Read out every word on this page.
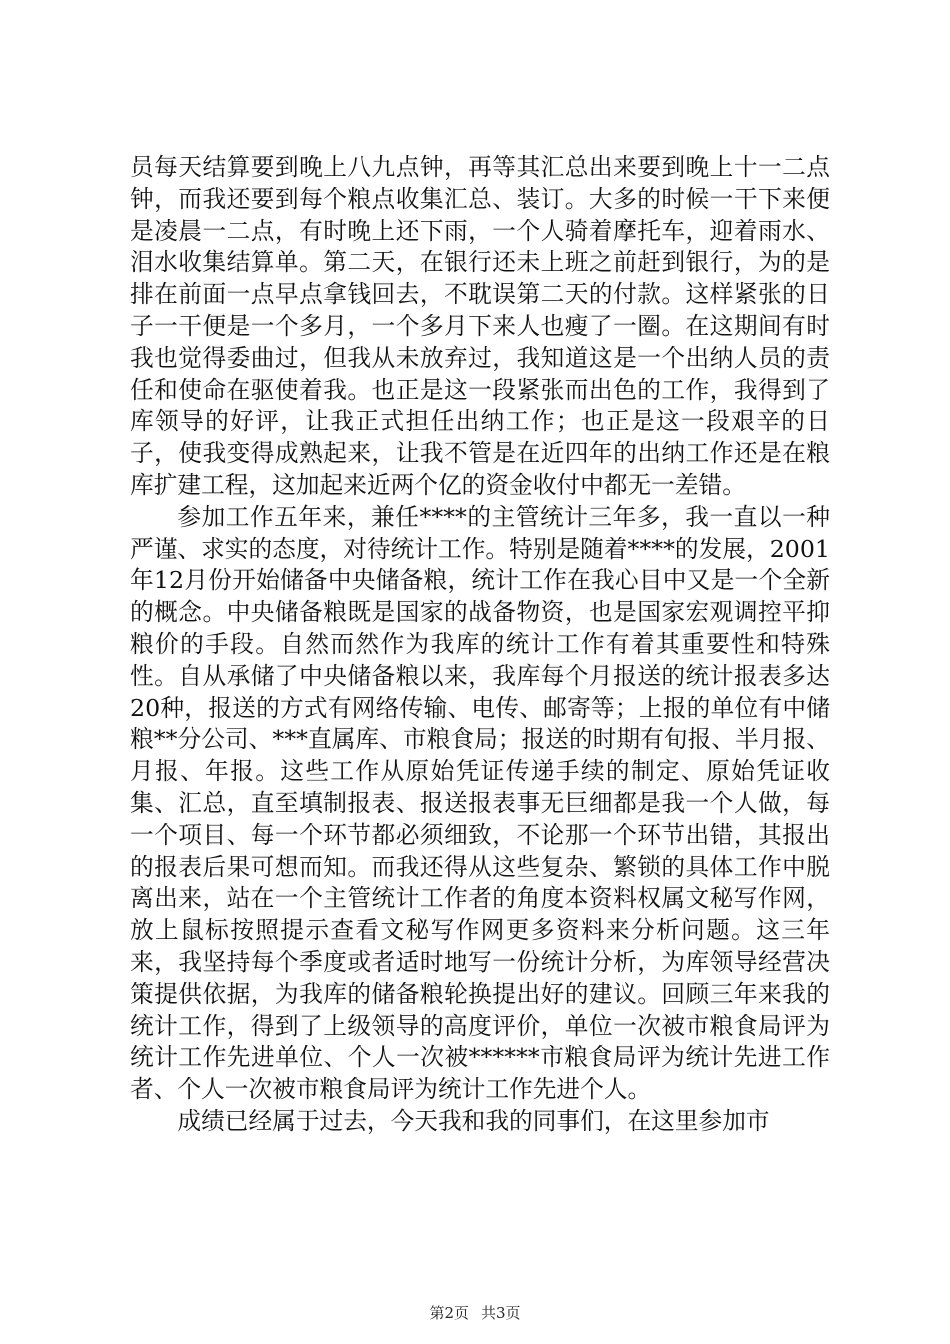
员每天结算要到晚上八九点钟，再等其汇总出来要到晚上十一二点钟，而我还要到每个粮点收集汇总、装订。大多的时候一干下来便是凌晨一二点，有时晚上还下雨，一个人骑着摩托车，迎着雨水、泪水收集结算单。第二天，在银行还未上班之前赶到银行，为的是排在前面一点早点拿钱回去，不耽误第二天的付款。这样紧张的日子一干便是一个多月，一个多月下来人也瘦了一圈。在这期间有时我也觉得委曲过，但我从未放弃过，我知道这是一个出纳人员的责任和使命在驱使着我。也正是这一段紧张而出色的工作，我得到了库领导的好评，让我正式担任出纳工作；也正是这一段艰辛的日子，使我变得成熟起来，让我不管是在近四年的出纳工作还是在粮库扩建工程，这加起来近两个亿的资金收付中都无一差错。

参加工作五年来，兼任****的主管统计三年多，我一直以一种严谨、求实的态度，对待统计工作。特别是随着****的发展，2001年12月份开始储备中央储备粮，统计工作在我心目中又是一个全新的概念。中央储备粮既是国家的战备物资，也是国家宏观调控平抑粮价的手段。自然而然作为我库的统计工作有着其重要性和特殊性。自从承储了中央储备粮以来，我库每个月报送的统计报表多达20种，报送的方式有网络传输、电传、邮寄等；上报的单位有中储粮**分公司、***直属库、市粮食局；报送的时期有旬报、半月报、月报、年报。这些工作从原始凭证传递手续的制定、原始凭证收集、汇总，直至填制报表、报送报表事无巨细都是我一个人做，每一个项目、每一个环节都必须细致，不论那一个环节出错，其报出的报表后果可想而知。而我还得从这些复杂、繁锁的具体工作中脱离出来，站在一个主管统计工作者的角度本资料权属文秘写作网，放上鼠标按照提示查看文秘写作网更多资料来分析问题。这三年来，我坚持每个季度或者适时地写一份统计分析，为库领导经营决策提供依据，为我库的储备粮轮换提出好的建议。回顾三年来我的统计工作，得到了上级领导的高度评价，单位一次被市粮食局评为统计工作先进单位、个人一次被******市粮食局评为统计先进工作者、个人一次被市粮食局评为统计工作先进个人。

成绩已经属于过去，今天我和我的同事们，在这里参加市

第2页 共3页
